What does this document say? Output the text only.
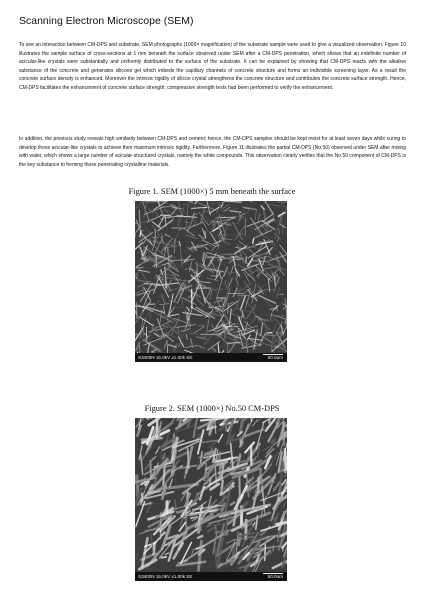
Scanning Electron Microscope (SEM)
To see an interaction between CM-DPS and substrate, SEM photographs (1000× magnification) of the substrate sample were used to give a visualized observation. Figure 10 illustrates the sample surface of cross-sections at 1 mm beneath the surface observed under SEM after a CM-DPS penetration, which shows that an indefinite number of acicular-like crystals were substantially and uniformly distributed to the surface of the substrate. It can be explained by showing that CM-DPS reacts with the alkaline substance of the concrete and generates silicone gel which imbeds the capillary channels of concrete structure and forms an indivisible screening layer. As a result the concrete surface density is enhanced. Moreover the intrinsic rigidity of silicon crystal strengthens the concrete structure and contributes the concrete surface strength. Hence, CM-DPS facilitates the enhancement of concrete surface strength; compressive strength tests had been performed to verify the enhancement.
In addition, the previous study reveals high similarity between CM-DPS and cement; hence, the CM-DPS samples should be kept moist for at least seven days while curing to develop those acicular-like crystals to achieve their maximum intrinsic rigidity. Furthermore, Figure 11 illustrates the partial CM-DPS (No.50) observed under SEM after mixing with water, which shows a large number of acicular-structured crystals, namely the white compounds. This observation clearly verifies that the No.50 component of CM-DPS is the key substance to forming those penetrating crystalline materials.
Figure 1. SEM (1000×) 5 mm beneath the surface
S3400N 15.0kV x1.00k SE	50.0um
Figure 2. SEM (1000×) No.50 CM-DPS
S3400N 15.0kV x1.00k SE	50.0um
